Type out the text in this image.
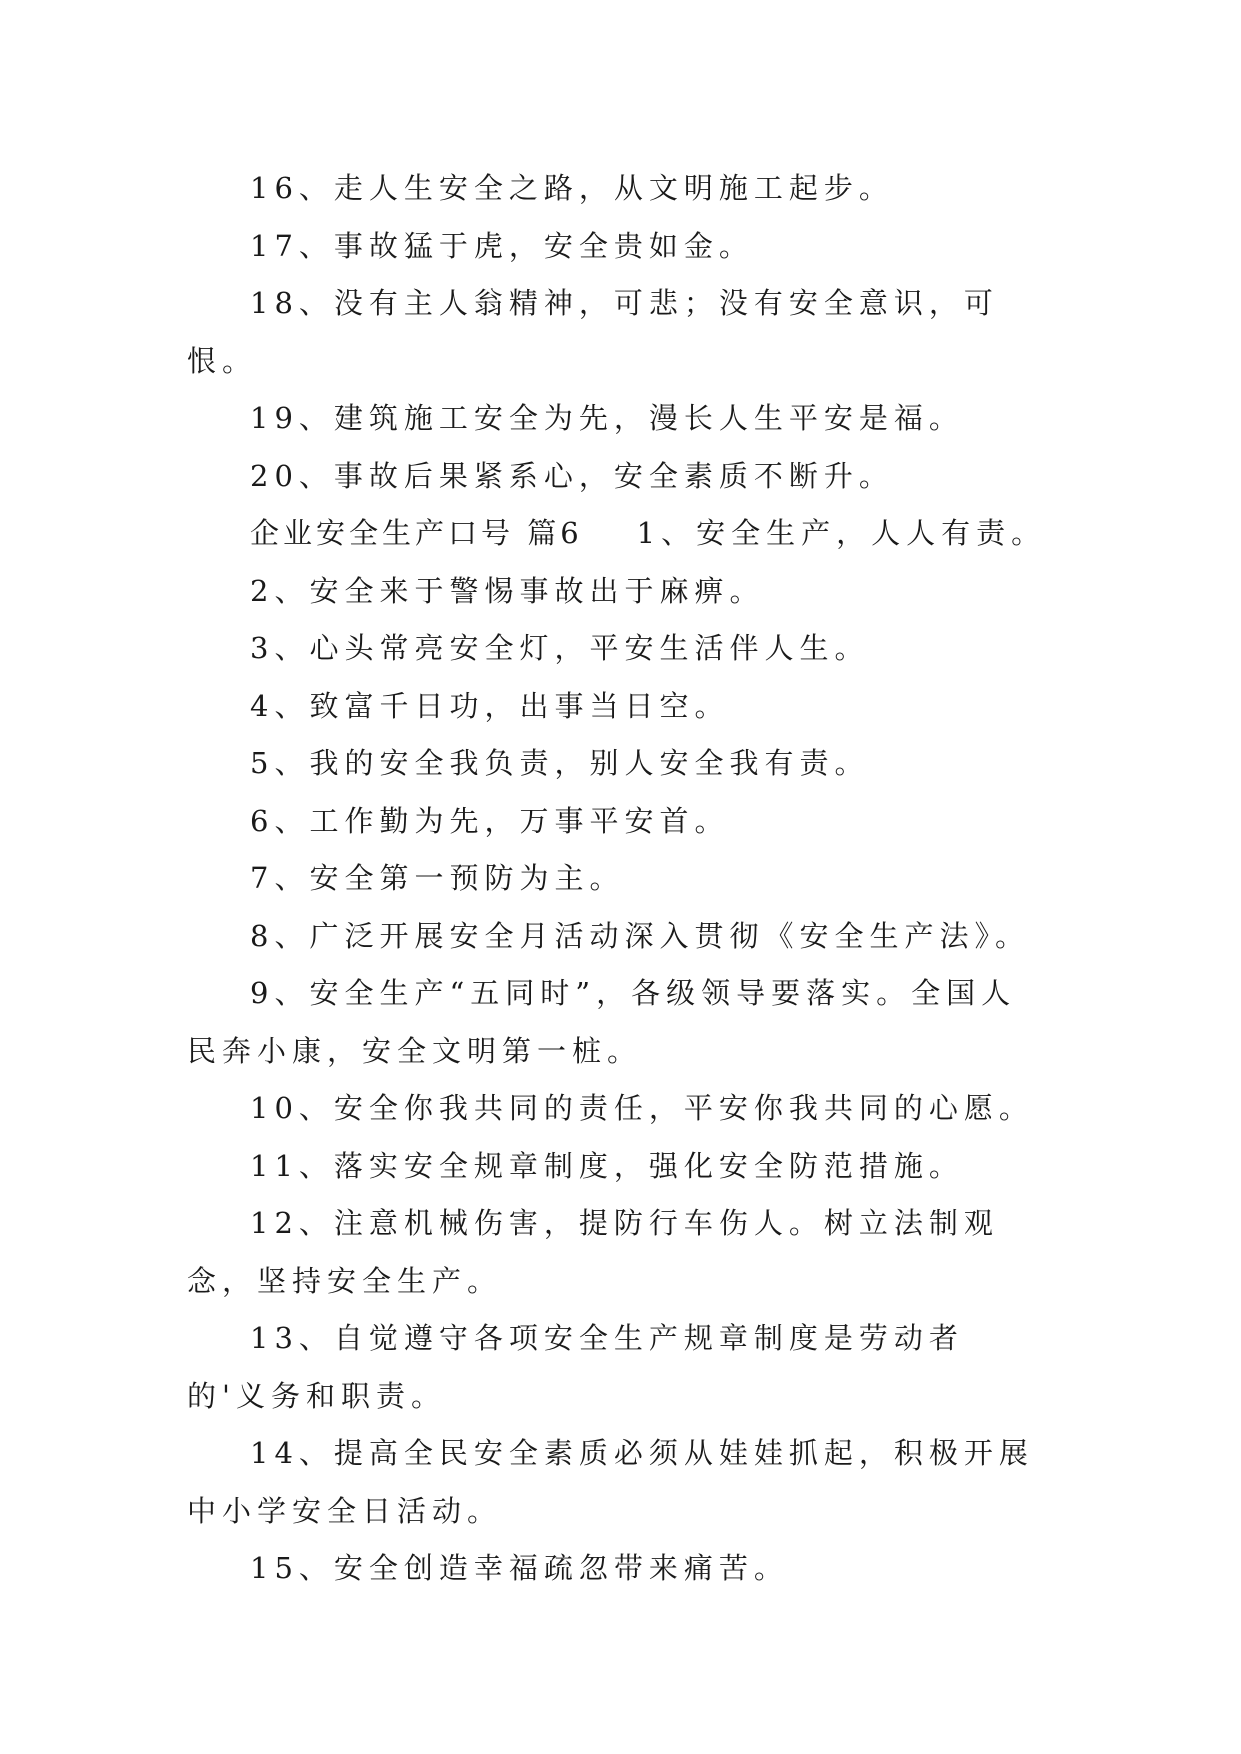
16、走人生安全之路，从文明施工起步。

17、事故猛于虎，安全贵如金。

18、没有主人翁精神，可悲；没有安全意识，可恨。

19、建筑施工安全为先，漫长人生平安是福。

20、事故后果紧系心，安全素质不断升。

企业安全生产口号 篇6 1、安全生产，人人有责。

2、安全来于警惕事故出于麻痹。

3、心头常亮安全灯，平安生活伴人生。

4、致富千日功，出事当日空。

5、我的安全我负责，别人安全我有责。

6、工作勤为先，万事平安首。

7、安全第一预防为主。

8、广泛开展安全月活动深入贯彻《安全生产法》。

9、安全生产“五同时”，各级领导要落实。全国人民奔小康，安全文明第一桩。

10、安全你我共同的责任，平安你我共同的心愿。

11、落实安全规章制度，强化安全防范措施。

12、注意机械伤害，提防行车伤人。树立法制观念，坚持安全生产。

13、自觉遵守各项安全生产规章制度是劳动者的'义务和职责。

14、提高全民安全素质必须从娃娃抓起，积极开展中小学安全日活动。

15、安全创造幸福疏忽带来痛苦。
